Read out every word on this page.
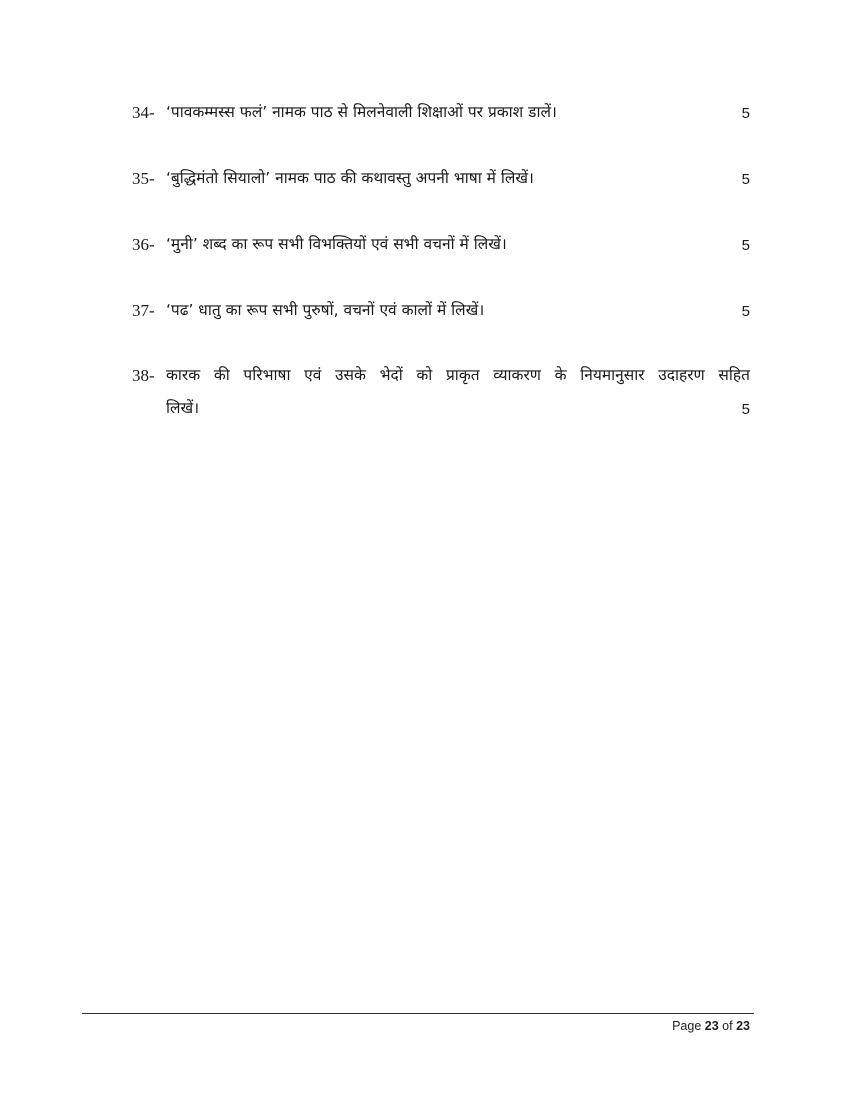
34- ‘पावकम्मस्स फलं’ नामक पाठ से मिलनेवाली शिक्षाओं पर प्रकाश डालें।	5
35- ‘बुद्धिमंतो सियालो’ नामक पाठ की कथावस्तु अपनी भाषा में लिखें।	5
36- ‘मुनी’ शब्द का रूप सभी विभक्तियों एवं सभी वचनों में लिखें।	5
37- ‘पढ’ धातु का रूप सभी पुरुषों, वचनों एवं कालों में लिखें।	5
38- कारक की परिभाषा एवं उसके भेदों को प्राकृत व्याकरण के नियमानुसार उदाहरण सहित
लिखें।	5
Page 23 of 23
